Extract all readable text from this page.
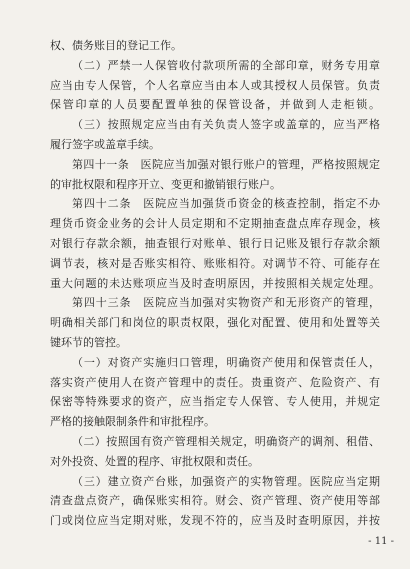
权、债务账目的登记工作。
（二）严禁一人保管收付款项所需的全部印章，财务专用章
应当由专人保管，个人名章应当由本人或其授权人员保管。负责
保管印章的人员要配置单独的保管设备，并做到人走柜锁。
（三）按照规定应当由有关负责人签字或盖章的，应当严格
履行签字或盖章手续。
第四十一条　医院应当加强对银行账户的管理，严格按照规定
的审批权限和程序开立、变更和撤销银行账户。
第四十二条　医院应当加强货币资金的核查控制，指定不办
理货币资金业务的会计人员定期和不定期抽查盘点库存现金，核
对银行存款余额，抽查银行对账单、银行日记账及银行存款余额
调节表，核对是否账实相符、账账相符。对调节不符、可能存在
重大问题的未达账项应当及时查明原因，并按照相关规定处理。
第四十三条　医院应当加强对实物资产和无形资产的管理，
明确相关部门和岗位的职责权限，强化对配置、使用和处置等关
键环节的管控。
（一）对资产实施归口管理，明确资产使用和保管责任人，
落实资产使用人在资产管理中的责任。贵重资产、危险资产、有
保密等特殊要求的资产，应当指定专人保管、专人使用，并规定
严格的接触限制条件和审批程序。
（二）按照国有资产管理相关规定，明确资产的调剂、租借、
对外投资、处置的程序、审批权限和责任。
（三）建立资产台账，加强资产的实物管理。医院应当定期
清查盘点资产，确保账实相符。财会、资产管理、资产使用等部
门或岗位应当定期对账，发现不符的，应当及时查明原因，并按
- 11 -
